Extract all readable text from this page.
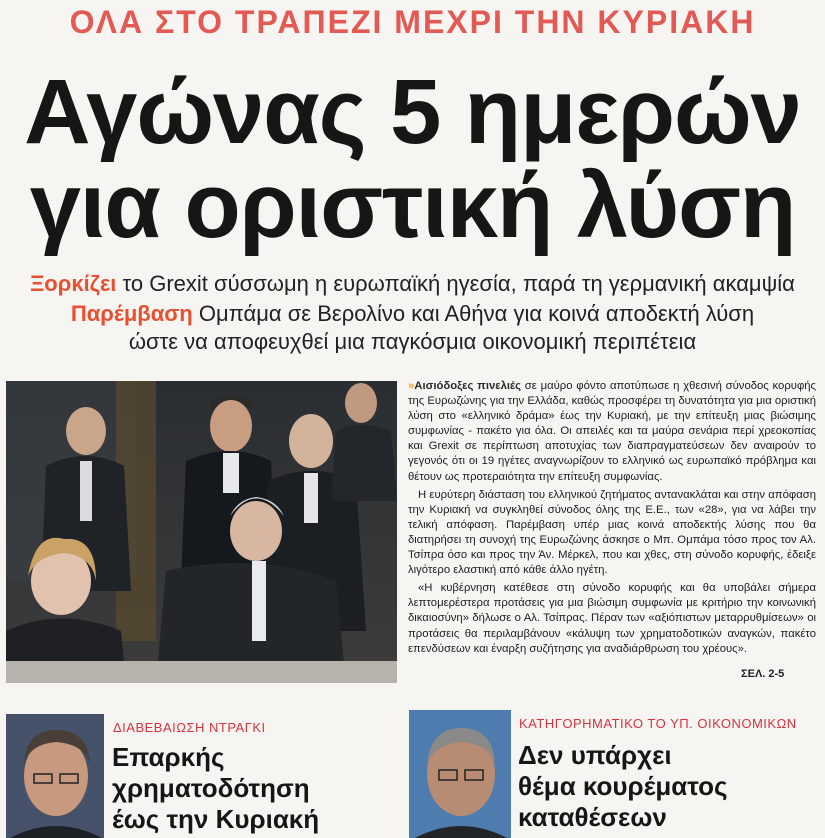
ΟΛΑ ΣΤΟ ΤΡΑΠΕΖΙ ΜΕΧΡΙ ΤΗΝ ΚΥΡΙΑΚΗ
Αγώνας 5 ημερών
για οριστική λύση
Ξορκίζει το Grexit σύσσωμη η ευρωπαϊκή ηγεσία, παρά τη γερμανική ακαμψία
Παρέμβαση Ομπάμα σε Βερολίνο και Αθήνα για κοινά αποδεκτή λύση
ώστε να αποφευχθεί μια παγκόσμια οικονομική περιπέτεια

»Αισιόδοξες πινελιές σε μαύρο φόντο αποτύπωσε η χθεσινή σύνοδος κορυφής της Ευρωζώνης για την Ελλάδα, καθώς προσφέρει τη δυνατότητα για μια οριστική λύση στο «ελληνικό δράμα» έως την Κυριακή, με την επίτευξη μιας βιώσιμης συμφωνίας - πακέτο για όλα. Οι απειλές και τα μαύρα σενάρια περί χρεοκοπίας και Grexit σε περίπτωση αποτυχίας των διαπραγματεύσεων δεν αναιρούν το γεγονός ότι οι 19 ηγέτες αναγνωρίζουν το ελληνικό ως ευρωπαϊκό πρόβλημα και θέτουν ως προτεραιότητα την επίτευξη συμφωνίας.

Η ευρύτερη διάσταση του ελληνικού ζητήματος αντανακλάται και στην απόφαση την Κυριακή να συγκληθεί σύνοδος όλης της Ε.Ε., των «28», για να λάβει την τελική απόφαση. Παρέμβαση υπέρ μιας κοινά αποδεκτής λύσης που θα διατηρήσει τη συνοχή της Ευρωζώνης άσκησε ο Μπ. Ομπάμα τόσο προς τον Αλ. Τσίπρα όσο και προς την Άν. Μέρκελ, που και χθες, στη σύνοδο κορυφής, έδειξε λιγότερο ελαστική από κάθε άλλο ηγέτη.

«Η κυβέρνηση κατέθεσε στη σύνοδο κορυφής και θα υποβάλει σήμερα λεπτομερέστερα προτάσεις για μια βιώσιμη συμφωνία με κριτήριο την κοινωνική δικαιοσύνη» δήλωσε ο Αλ. Τσίπρας. Πέραν των «αξιόπιστων μεταρρυθμίσεων» οι προτάσεις θα περιλαμβάνουν «κάλυψη των χρηματοδοτικών αναγκών, πακέτο επενδύσεων και έναρξη συζήτησης για αναδιάρθρωση του χρέους».

ΣΕΛ. 2-5
ΔΙΑΒΕΒΑΙΩΣΗ ΝΤΡΑΓΚΙ
Επαρκής
χρηματοδότηση
έως την Κυριακή
ΚΑΤΗΓΟΡΗΜΑΤΙΚΟ ΤΟ ΥΠ. ΟΙΚΟΝΟΜΙΚΩΝ
Δεν υπάρχει
θέμα κουρέματος
καταθέσεων
